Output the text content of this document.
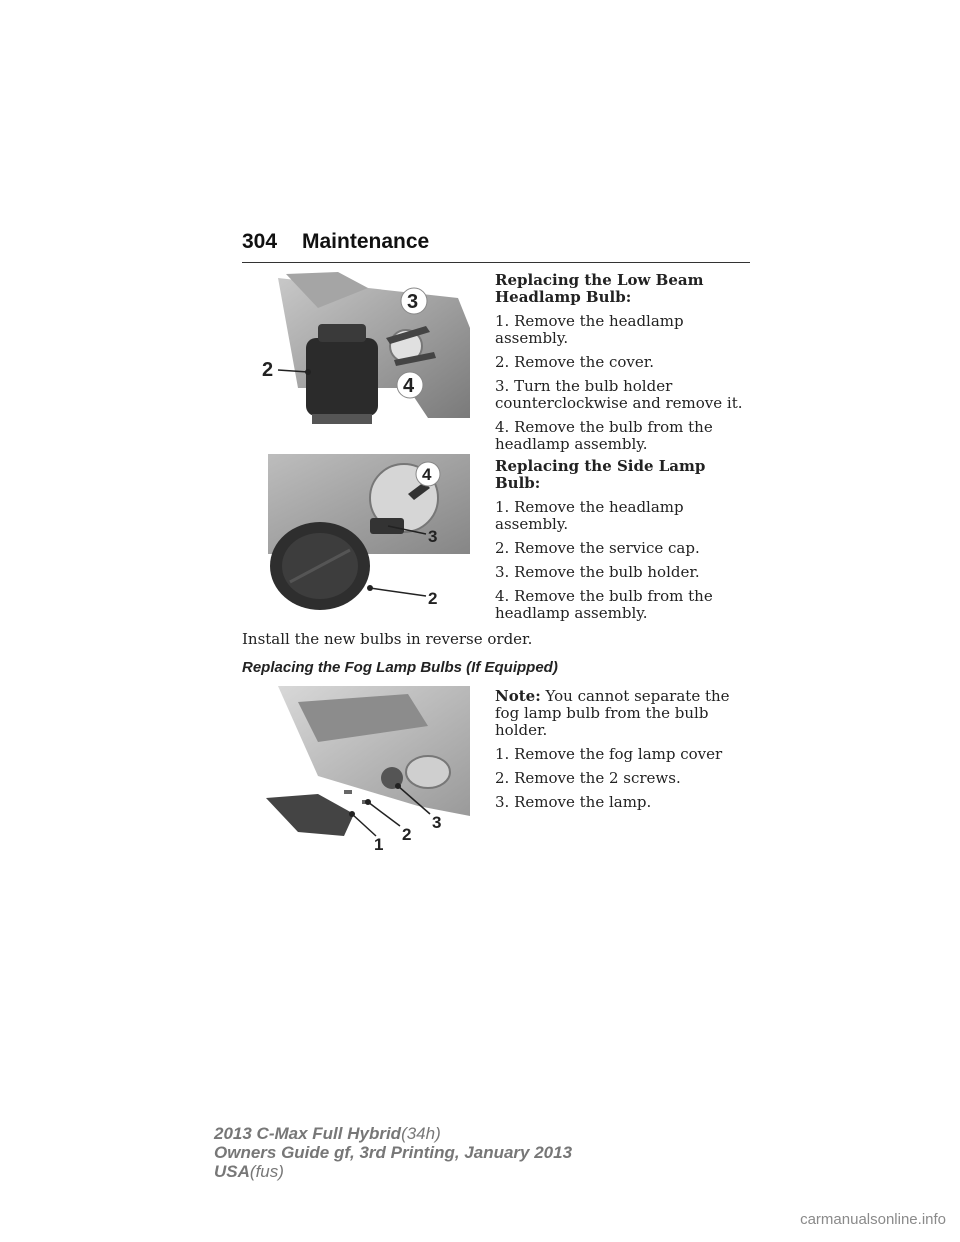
304 Maintenance
3
4
2

Replacing the Low Beam Headlamp Bulb:

1. Remove the headlamp assembly.

2. Remove the cover.

3. Turn the bulb holder counterclockwise and remove it.

4. Remove the bulb from the headlamp assembly.

4
3
2

Replacing the Side Lamp Bulb:

1. Remove the headlamp assembly.

2. Remove the service cap.

3. Remove the bulb holder.

4. Remove the bulb from the headlamp assembly.

Install the new bulbs in reverse order.
Replacing the Fog Lamp Bulbs (If Equipped)
1
2
3

Note: You cannot separate the fog lamp bulb from the bulb holder.

1. Remove the fog lamp cover

2. Remove the 2 screws.

3. Remove the lamp.

2013 C-Max Full Hybrid(34h)
Owners Guide gf, 3rd Printing, January 2013
USA(fus)
carmanualsonline.info
